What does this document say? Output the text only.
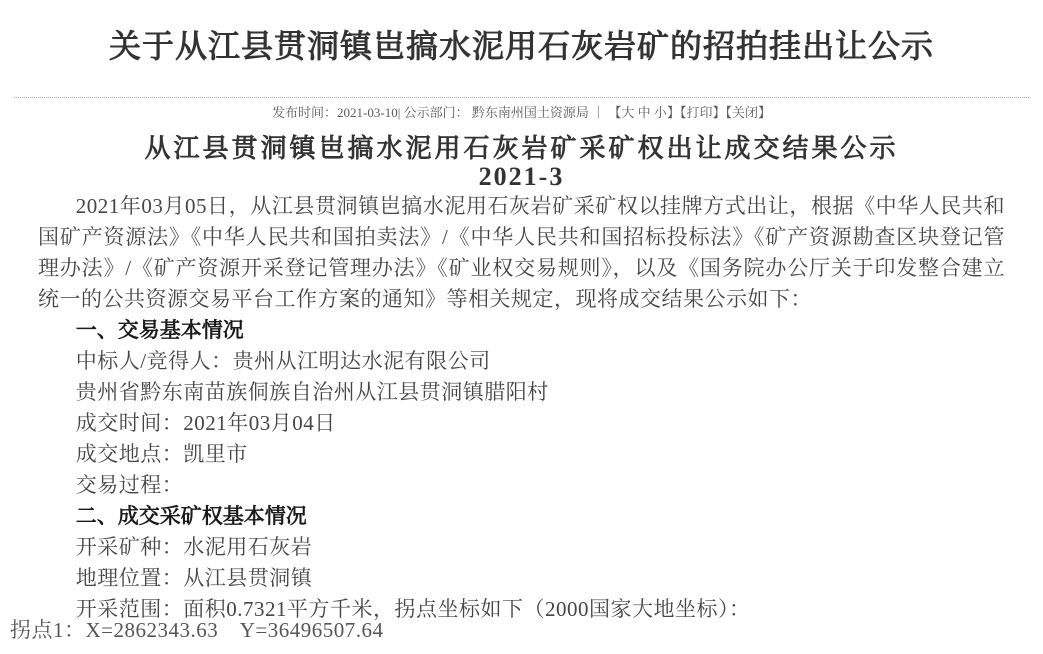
关于从江县贯洞镇岜搞水泥用石灰岩矿的招拍挂出让公示
发布时间：2021-03-10| 公示部门： 黔东南州国土资源局 ｜ 【大 中 小】【打印】【关闭】
从江县贯洞镇岜搞水泥用石灰岩矿采矿权出让成交结果公示
2021-3

2021年03月05日，从江县贯洞镇岜搞水泥用石灰岩矿采矿权以挂牌方式出让，根据《中华人民共和国矿产资源法》《中华人民共和国拍卖法》/《中华人民共和国招标投标法》《矿产资源勘查区块登记管理办法》/《矿产资源开采登记管理办法》《矿业权交易规则》，以及《国务院办公厅关于印发整合建立统一的公共资源交易平台工作方案的通知》等相关规定，现将成交结果公示如下：

一、交易基本情况

中标人/竞得人：贵州从江明达水泥有限公司

贵州省黔东南苗族侗族自治州从江县贯洞镇腊阳村

成交时间：2021年03月04日

成交地点：凯里市

交易过程：

二、成交采矿权基本情况

开采矿种：水泥用石灰岩

地理位置：从江县贯洞镇

开采范围：面积0.7321平方千米，拐点坐标如下（2000国家大地坐标）：

拐点1：X=2862343.63　Y=36496507.64
